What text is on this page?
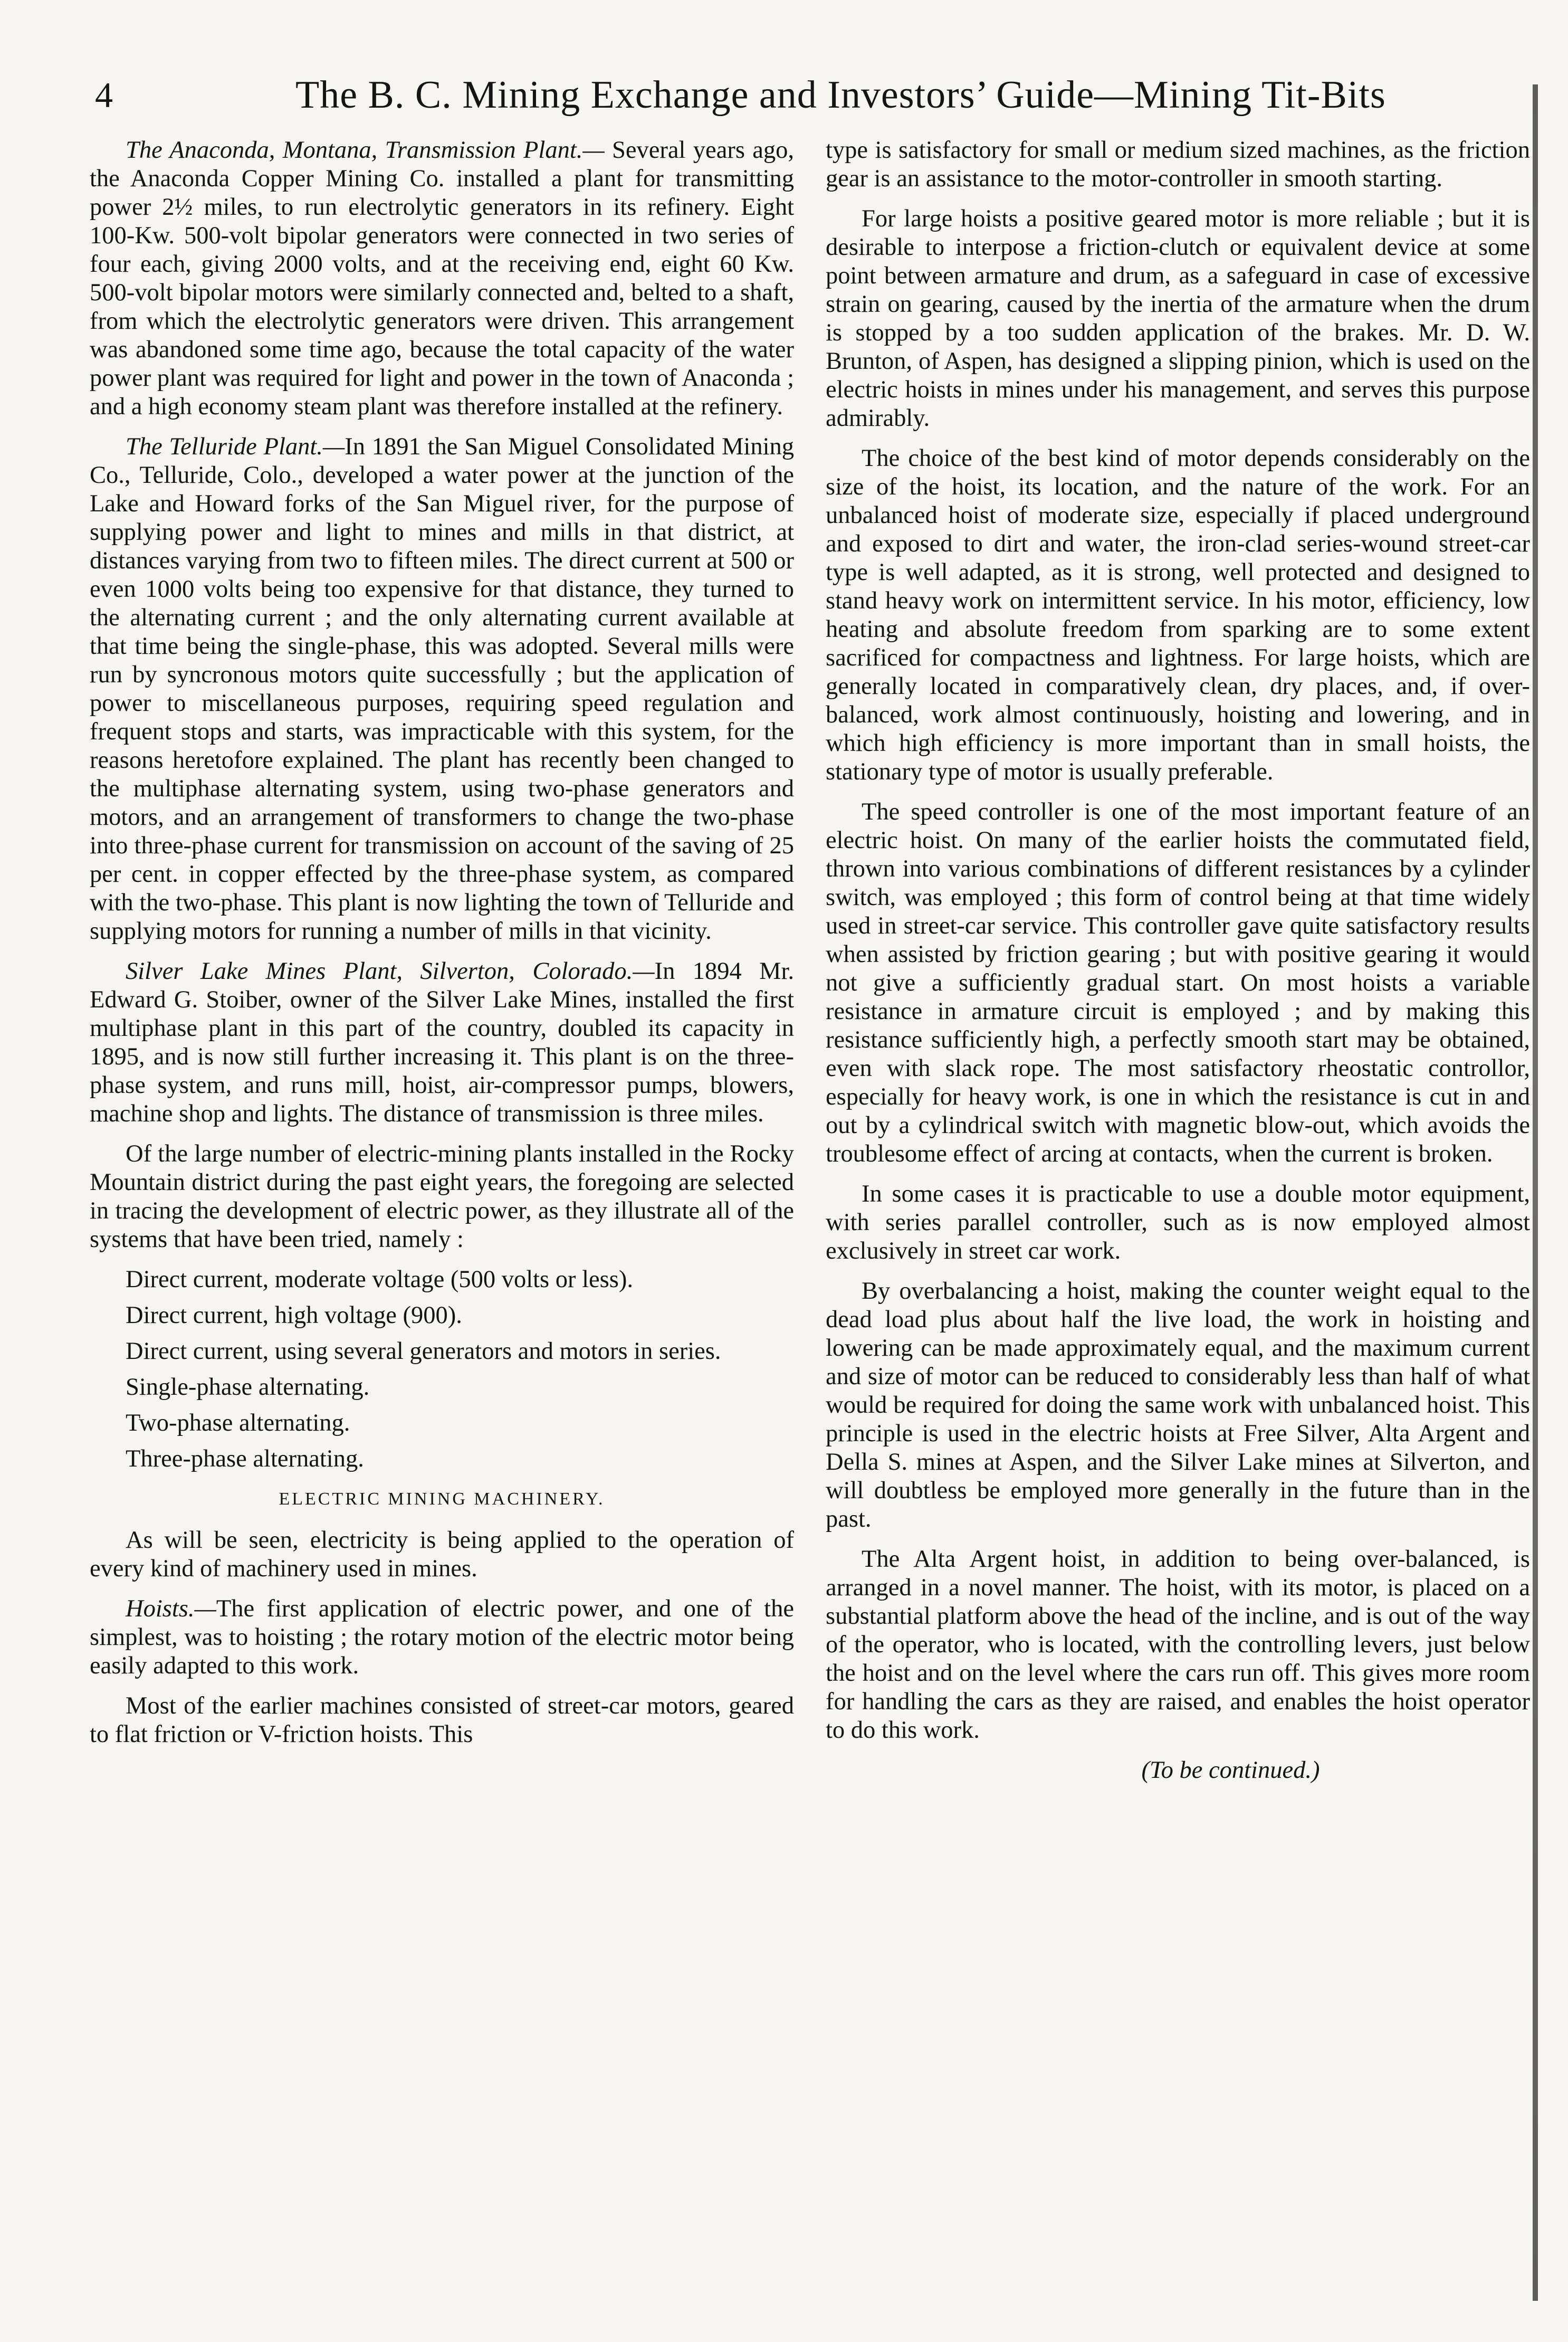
4	The B. C. Mining Exchange and Investors’ Guide—Mining Tit-Bits

The Anaconda, Montana, Transmission Plant.— Several years ago, the Anaconda Copper Mining Co. installed a plant for transmitting power 2½ miles, to run electrolytic generators in its refinery. Eight 100-Kw. 500-volt bipolar generators were connected in two series of four each, giving 2000 volts, and at the receiving end, eight 60 Kw. 500-volt bipolar motors were similarly connected and, belted to a shaft, from which the electrolytic generators were driven. This arrangement was abandoned some time ago, because the total capacity of the water power plant was required for light and power in the town of Anaconda ; and a high economy steam plant was therefore installed at the refinery.

The Telluride Plant.—In 1891 the San Miguel Consolidated Mining Co., Telluride, Colo., developed a water power at the junction of the Lake and Howard forks of the San Miguel river, for the purpose of supplying power and light to mines and mills in that district, at distances varying from two to fifteen miles. The direct current at 500 or even 1000 volts being too expensive for that distance, they turned to the alternating current ; and the only alternating current available at that time being the single-phase, this was adopted. Several mills were run by syncronous motors quite successfully ; but the application of power to miscellaneous purposes, requiring speed regulation and frequent stops and starts, was impracticable with this system, for the reasons heretofore explained. The plant has recently been changed to the multiphase alternating system, using two-phase generators and motors, and an arrangement of transformers to change the two-phase into three-phase current for transmission on account of the saving of 25 per cent. in copper effected by the three-phase system, as compared with the two-phase. This plant is now lighting the town of Telluride and supplying motors for running a number of mills in that vicinity.

Silver Lake Mines Plant, Silverton, Colorado.—In 1894 Mr. Edward G. Stoiber, owner of the Silver Lake Mines, installed the first multiphase plant in this part of the country, doubled its capacity in 1895, and is now still further increasing it. This plant is on the three-phase system, and runs mill, hoist, air-compressor pumps, blowers, machine shop and lights. The distance of transmission is three miles.

Of the large number of electric-mining plants installed in the Rocky Mountain district during the past eight years, the foregoing are selected in tracing the development of electric power, as they illustrate all of the systems that have been tried, namely :

Direct current, moderate voltage (500 volts or less).

Direct current, high voltage (900).

Direct current, using several generators and motors in series.

Single-phase alternating.

Two-phase alternating.

Three-phase alternating.

ELECTRIC MINING MACHINERY.

As will be seen, electricity is being applied to the operation of every kind of machinery used in mines.

Hoists.—The first application of electric power, and one of the simplest, was to hoisting ; the rotary motion of the electric motor being easily adapted to this work.

Most of the earlier machines consisted of street-car motors, geared to flat friction or V-friction hoists. This

type is satisfactory for small or medium sized machines, as the friction gear is an assistance to the motor-controller in smooth starting.

For large hoists a positive geared motor is more reliable ; but it is desirable to interpose a friction-clutch or equivalent device at some point between armature and drum, as a safeguard in case of excessive strain on gearing, caused by the inertia of the armature when the drum is stopped by a too sudden application of the brakes. Mr. D. W. Brunton, of Aspen, has designed a slipping pinion, which is used on the electric hoists in mines under his management, and serves this purpose admirably.

The choice of the best kind of motor depends considerably on the size of the hoist, its location, and the nature of the work. For an unbalanced hoist of moderate size, especially if placed underground and exposed to dirt and water, the iron-clad series-wound street-car type is well adapted, as it is strong, well protected and designed to stand heavy work on intermittent service. In his motor, efficiency, low heating and absolute freedom from sparking are to some extent sacrificed for compactness and lightness. For large hoists, which are generally located in comparatively clean, dry places, and, if over-balanced, work almost continuously, hoisting and lowering, and in which high efficiency is more important than in small hoists, the stationary type of motor is usually preferable.

The speed controller is one of the most important feature of an electric hoist. On many of the earlier hoists the commutated field, thrown into various combinations of different resistances by a cylinder switch, was employed ; this form of control being at that time widely used in street-car service. This controller gave quite satisfactory results when assisted by friction gearing ; but with positive gearing it would not give a sufficiently gradual start. On most hoists a variable resistance in armature circuit is employed ; and by making this resistance sufficiently high, a perfectly smooth start may be obtained, even with slack rope. The most satisfactory rheostatic controllor, especially for heavy work, is one in which the resistance is cut in and out by a cylindrical switch with magnetic blow-out, which avoids the troublesome effect of arcing at contacts, when the current is broken.

In some cases it is practicable to use a double motor equipment, with series parallel controller, such as is now employed almost exclusively in street car work.

By overbalancing a hoist, making the counter weight equal to the dead load plus about half the live load, the work in hoisting and lowering can be made approximately equal, and the maximum current and size of motor can be reduced to considerably less than half of what would be required for doing the same work with unbalanced hoist. This principle is used in the electric hoists at Free Silver, Alta Argent and Della S. mines at Aspen, and the Silver Lake mines at Silverton, and will doubtless be employed more generally in the future than in the past.

The Alta Argent hoist, in addition to being over-balanced, is arranged in a novel manner. The hoist, with its motor, is placed on a substantial platform above the head of the incline, and is out of the way of the operator, who is located, with the controlling levers, just below the hoist and on the level where the cars run off. This gives more room for handling the cars as they are raised, and enables the hoist operator to do this work.

(To be continued.)
